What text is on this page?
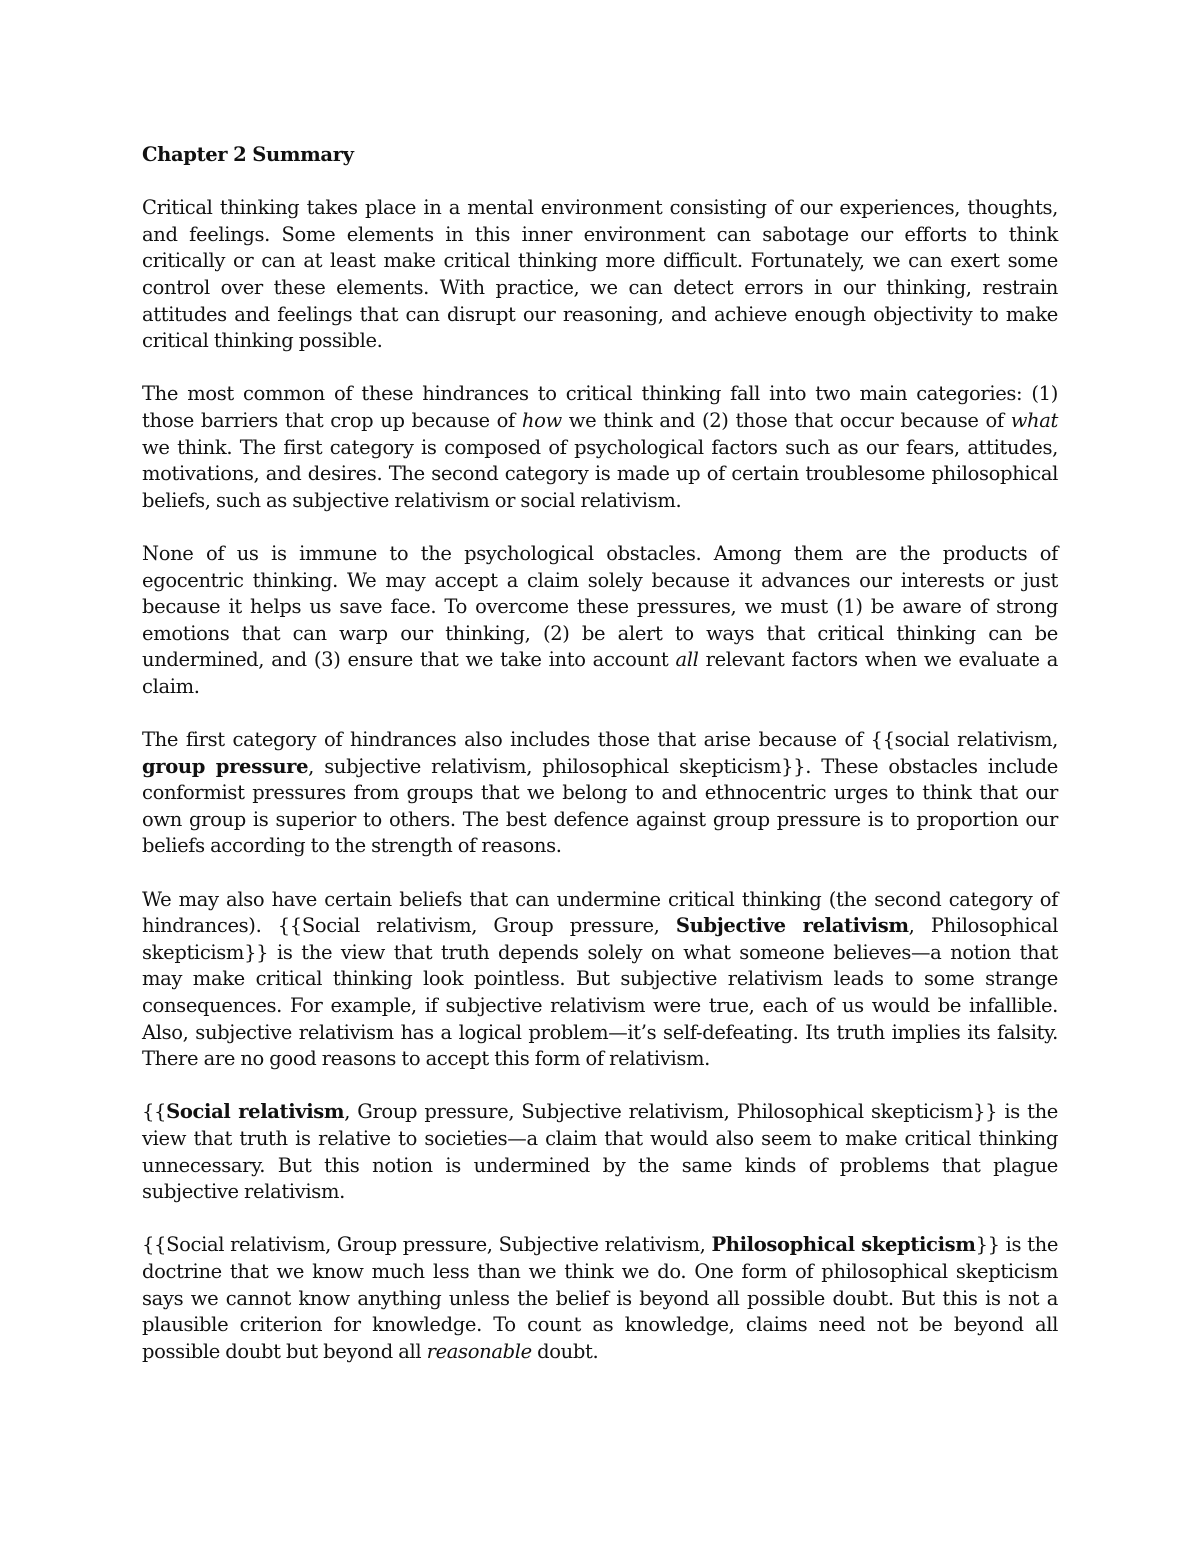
Chapter 2 Summary

Critical thinking takes place in a mental environment consisting of our experiences, thoughts, and feelings. Some elements in this inner environment can sabotage our efforts to think critically or can at least make critical thinking more difficult. Fortunately, we can exert some control over these elements. With practice, we can detect errors in our thinking, restrain attitudes and feelings that can disrupt our reasoning, and achieve enough objectivity to make critical thinking possible.

The most common of these hindrances to critical thinking fall into two main categories: (1) those barriers that crop up because of how we think and (2) those that occur because of what we think. The first category is composed of psychological factors such as our fears, attitudes, motivations, and desires. The second category is made up of certain troublesome philosophical beliefs, such as subjective relativism or social relativism.

None of us is immune to the psychological obstacles. Among them are the products of egocentric thinking. We may accept a claim solely because it advances our interests or just because it helps us save face. To overcome these pressures, we must (1) be aware of strong emotions that can warp our thinking, (2) be alert to ways that critical thinking can be undermined, and (3) ensure that we take into account all relevant factors when we evaluate a claim.

The first category of hindrances also includes those that arise because of {{social relativism, group pressure, subjective relativism, philosophical skepticism}}. These obstacles include conformist pressures from groups that we belong to and ethnocentric urges to think that our own group is superior to others. The best defence against group pressure is to proportion our beliefs according to the strength of reasons.

We may also have certain beliefs that can undermine critical thinking (the second category of hindrances). {{Social relativism, Group pressure, Subjective relativism, Philosophical skepticism}} is the view that truth depends solely on what someone believes—a notion that may make critical thinking look pointless. But subjective relativism leads to some strange consequences. For example, if subjective relativism were true, each of us would be infallible. Also, subjective relativism has a logical problem—it’s self-defeating. Its truth implies its falsity. There are no good reasons to accept this form of relativism.

{{Social relativism, Group pressure, Subjective relativism, Philosophical skepticism}} is the view that truth is relative to societies—a claim that would also seem to make critical thinking unnecessary. But this notion is undermined by the same kinds of problems that plague subjective relativism.

{{Social relativism, Group pressure, Subjective relativism, Philosophical skepticism}} is the doctrine that we know much less than we think we do. One form of philosophical skepticism says we cannot know anything unless the belief is beyond all possible doubt. But this is not a plausible criterion for knowledge. To count as knowledge, claims need not be beyond all possible doubt but beyond all reasonable doubt.
